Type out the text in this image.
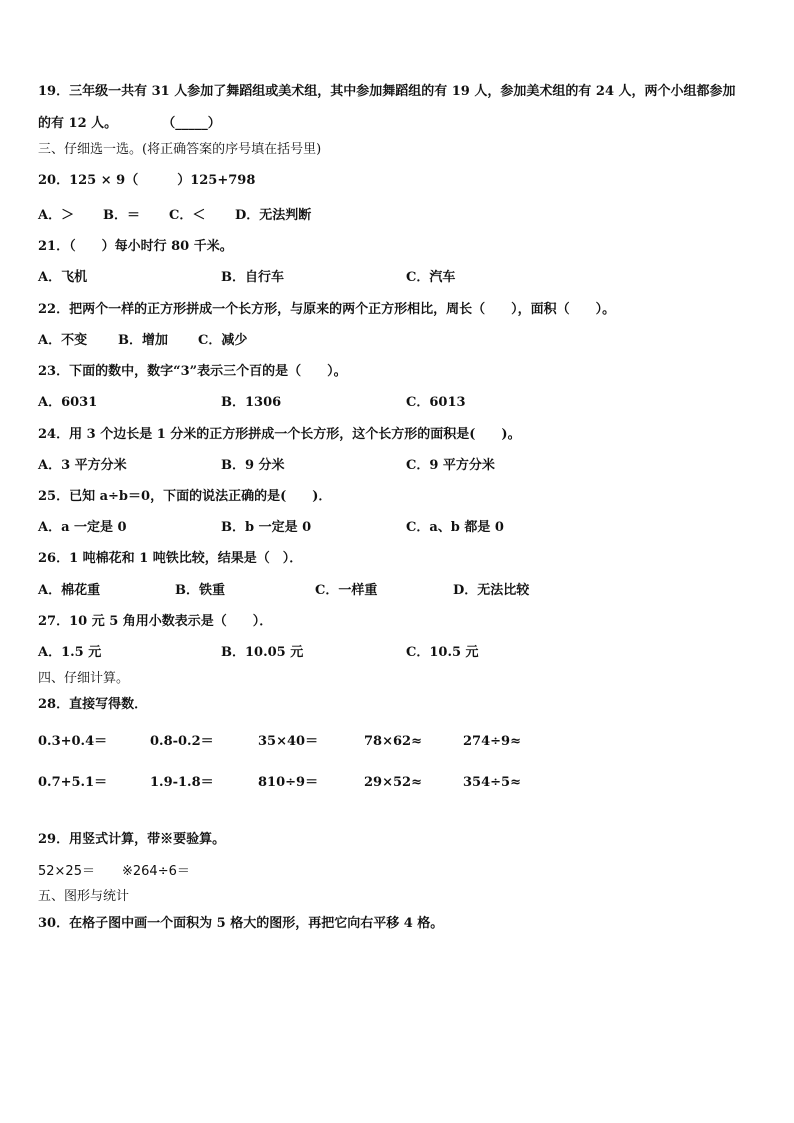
19．三年级一共有 31 人参加了舞蹈组或美术组，其中参加舞蹈组的有 19 人，参加美术组的有 24 人，两个小组都参加
的有 12 人。	（_____）
三、仔细选一选。(将正确答案的序号填在括号里)
20．125 × 9（　　　）125+798
A．＞ B．＝ C．＜ D．无法判断
21．（　　）每小时行 80 千米。
A．飞机	B．自行车	C．汽车
22．把两个一样的正方形拼成一个长方形，与原来的两个正方形相比，周长（　　），面积（　　）。
A．不变 B．增加 C．减少
23．下面的数中，数字“3”表示三个百的是（　　）。
A．6031	B．1306	C．6013
24．用 3 个边长是 1 分米的正方形拼成一个长方形，这个长方形的面积是(　　)。
A．3 平方分米	B．9 分米	C．9 平方分米
25．已知 a÷b＝0，下面的说法正确的是(　　)．
A．a 一定是 0	B．b 一定是 0	C．a、b 都是 0
26．1 吨棉花和 1 吨铁比较，结果是（　）．
A．棉花重	B．铁重	C．一样重	D．无法比较
27．10 元 5 角用小数表示是（　　）．
A．1.5 元	B．10.05 元	C．10.5 元
四、仔细计算。
28．直接写得数．
0.3+0.4＝	0.8-0.2＝	35×40＝	78×62≈	274÷9≈
0.7+5.1＝	1.9-1.8＝	810÷9＝	29×52≈	354÷5≈
29．用竖式计算，带※要验算。
52×25＝ ※264÷6＝
五、图形与统计
30．在格子图中画一个面积为 5 格大的图形，再把它向右平移 4 格。
